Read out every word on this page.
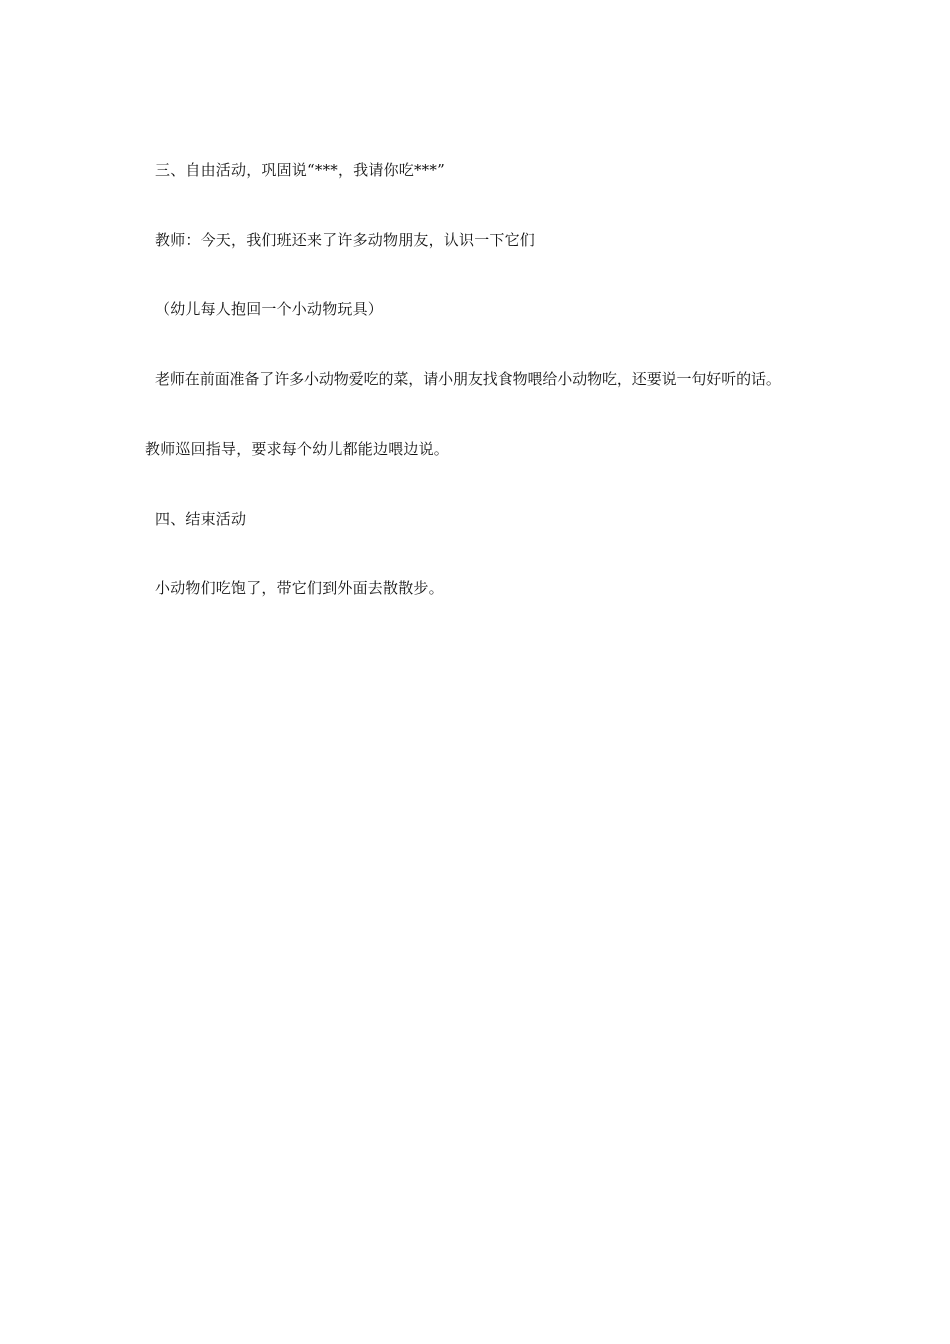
三、自由活动，巩固说“***，我请你吃***”
教师：今天，我们班还来了许多动物朋友，认识一下它们
（幼儿每人抱回一个小动物玩具）
老师在前面准备了许多小动物爱吃的菜，请小朋友找食物喂给小动物吃，还要说一句好听的话。
教师巡回指导，要求每个幼儿都能边喂边说。
四、结束活动
小动物们吃饱了，带它们到外面去散散步。
